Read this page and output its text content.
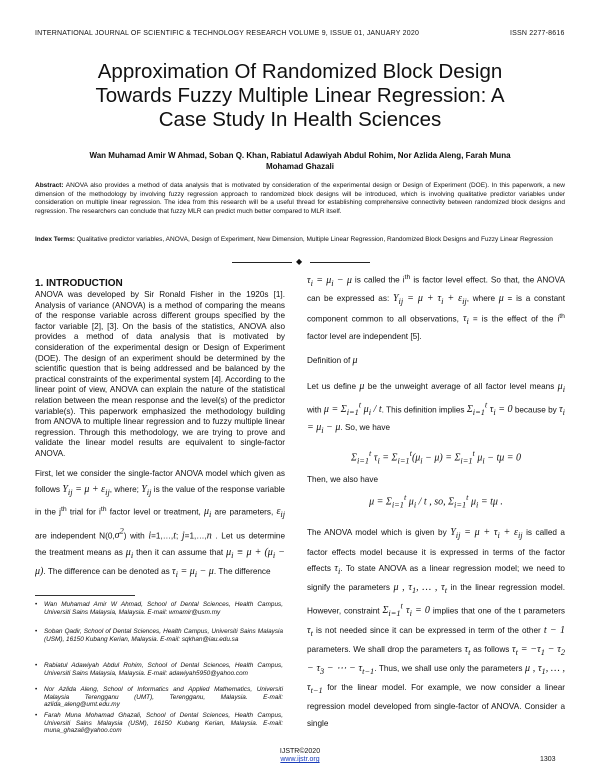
INTERNATIONAL JOURNAL OF SCIENTIFIC & TECHNOLOGY RESEARCH VOLUME 9, ISSUE 01, JANUARY 2020	ISSN 2277-8616
Approximation Of Randomized Block Design
Towards Fuzzy Multiple Linear Regression: A
Case Study In Health Sciences
Wan Muhamad Amir W Ahmad, Soban Q. Khan, Rabiatul Adawiyah Abdul Rohim, Nor Azlida Aleng, Farah Muna
Mohamad Ghazali
Abstract: ANOVA also provides a method of data analysis that is motivated by consideration of the experimental design or Design of Experiment (DOE). In this paperwork, a new dimension of the methodology by involving fuzzy regression approach to randomized block designs will be introduced, which is involving qualitative predictor variables under consideration on multiple linear regression. The idea from this research will be a useful thread for establishing comprehensive connectivity between randomized block designs and regression. The researchers can conclude that fuzzy MLR can predict much better compared to MLR itself.
Index Terms: Qualitative predictor variables, ANOVA, Design of Experiment, New Dimension, Multiple Linear Regression, Randomized Block Designs and Fuzzy Linear Regression
◆
1. INTRODUCTION

ANOVA was developed by Sir Ronald Fisher in the 1920s [1]. Analysis of variance (ANOVA) is a method of comparing the means of the response variable across different groups specified by the factor variable [2], [3]. On the basis of the statistics, ANOVA also provides a method of data analysis that is motivated by consideration of the experimental design or Design of Experiment (DOE). The design of an experiment should be determined by the scientific question that is being addressed and be balanced by the practical constraints of the experimental system [4]. According to the linear point of view, ANOVA can explain the nature of the statistical relation between the mean response and the level(s) of the predictor variable(s). This paperwork emphasized the methodology building from ANOVA to multiple linear regression and to fuzzy multiple linear regression. Through this methodology, we are trying to prove and validate the linear model results are equivalent to single-factor ANOVA.

First, let we consider the single-factor ANOVA model which given as follows $Y_{ij} = \mu + \varepsilon_{ij}$, where; $Y_{ij}$ is the value of the response variable in the $j^{th}$ trial for $i^{th}$ factor level or treatment, $\mu_i$ are parameters, $\varepsilon_{ij}$ are independent $N(0,\sigma^2)$ with i=1,…,t; j=1,…,n . Let us determine the treatment means as $\mu_i$ then it can assume that $\mu_i \equiv \mu + (\mu_i - \mu)$. The difference can be denoted as $\tau_i = \mu_i - \mu$. The difference

•	Wan Muhamad Amir W Ahmad, School of Dental Sciences, Health Campus, Universiti Sains Malaysia, Malaysia. E-mail: wmamir@usm.my
•	Soban Qadir, School of Dental Sciences, Health Campus, Universiti Sains Malaysia (USM), 16150 Kubang Kerian, Malaysia. E-mail: sqkhan@iau.edu.sa
•	Rabiatul Adawiyah Abdul Rohim, School of Dental Sciences, Health Campus, Universiti Sains Malaysia, Malaysia. E-mail: adawiyah5950@yahoo.com
•	Nor Azlida Aleng, School of Informatics and Applied Mathematics, Universiti Malaysia Terengganu (UMT), Terengganu, Malaysia. E-mail: azlida_aleng@umt.edu.my
•	Farah Muna Mohamad Ghazali, School of Dental Sciences, Health Campus, Universiti Sains Malaysia (USM), 16150 Kubang Kerian, Malaysia. E-mail: muna_ghazali@yahoo.com

$\tau_i = \mu_i - \mu$ is called the $i^{th}$ is factor level effect. So that, the ANOVA can be expressed as: $Y_{ij} = \mu + \tau_i + \varepsilon_{ij}$, where μ = is a constant component common to all observations, $\tau_i$ = is the effect of the $i^{th}$ factor level are independent [5].

Definition of μ

Let us define μ be the unweight average of all factor level means $\mu_i$ with $\mu = \Sigma_{i=1}^t$ $\mu_i$ / t. This definition implies $\Sigma_{i=1}^t$ $\tau_i = 0$ because by $\tau_i = \mu_i - \mu$. So, we have

$\Sigma_{i=1}^t$ $\tau_i = \Sigma_{i=1}^t(\mu_i - \mu) = \Sigma_{i=1}^t$ $\mu_i - t\mu = 0$

Then, we also have

$\mu = \Sigma_{i=1}^t$ $\mu_i$ / t , so, $\Sigma_{i=1}^t$ $\mu_i = t\mu$ .

The ANOVA model which is given by $Y_{ij} = \mu + \tau_i + \varepsilon_{ij}$ is called a factor effects model because it is expressed in terms of the factor effects $\tau_i$. To state ANOVA as a linear regression model; we need to signify the parameters μ , $\tau_1$, … , $\tau_t$ in the linear regression model. However, constraint $\Sigma_{i=1}^t$ $\tau_i = 0$ implies that one of the t parameters $\tau_t$ is not needed since it can be expressed in term of the other t − 1 parameters. We shall drop the parameters $\tau_t$ as follows $\tau_t = -\tau_1 - \tau_2 - \tau_3$ − ⋯ − $\tau_{t-1}$. Thus, we shall use only the parameters μ , $\tau_1$, … , $\tau_{t-1}$ for the linear model. For example, we now consider a linear regression model developed from single-factor of ANOVA. Consider a single

IJSTR©2020
www.ijstr.org	1303
